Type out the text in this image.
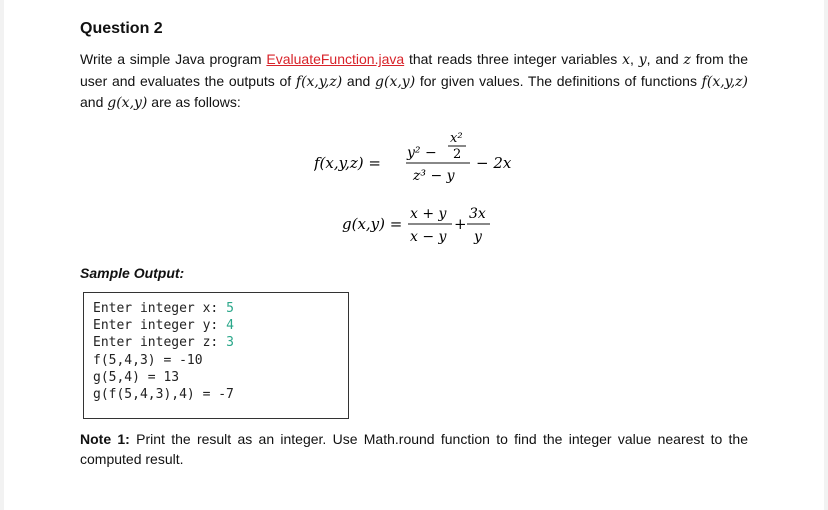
Question 2
Write a simple Java program EvaluateFunction.java that reads three integer variables x, y, and z from the user and evaluates the outputs of f(x,y,z) and g(x,y) for given values. The definitions of functions f(x,y,z) and g(x,y) are as follows:
f(x,y,z) =
y² −
x²
2
z³ − y
− 2x
g(x,y) =
x + y
x − y
+
3x
y
Sample Output:
Enter integer x: 5
Enter integer y: 4
Enter integer z: 3
f(5,4,3) = -10
g(5,4) = 13
g(f(5,4,3),4) = -7
Note 1: Print the result as an integer. Use Math.round function to find the integer value nearest to the computed result.
